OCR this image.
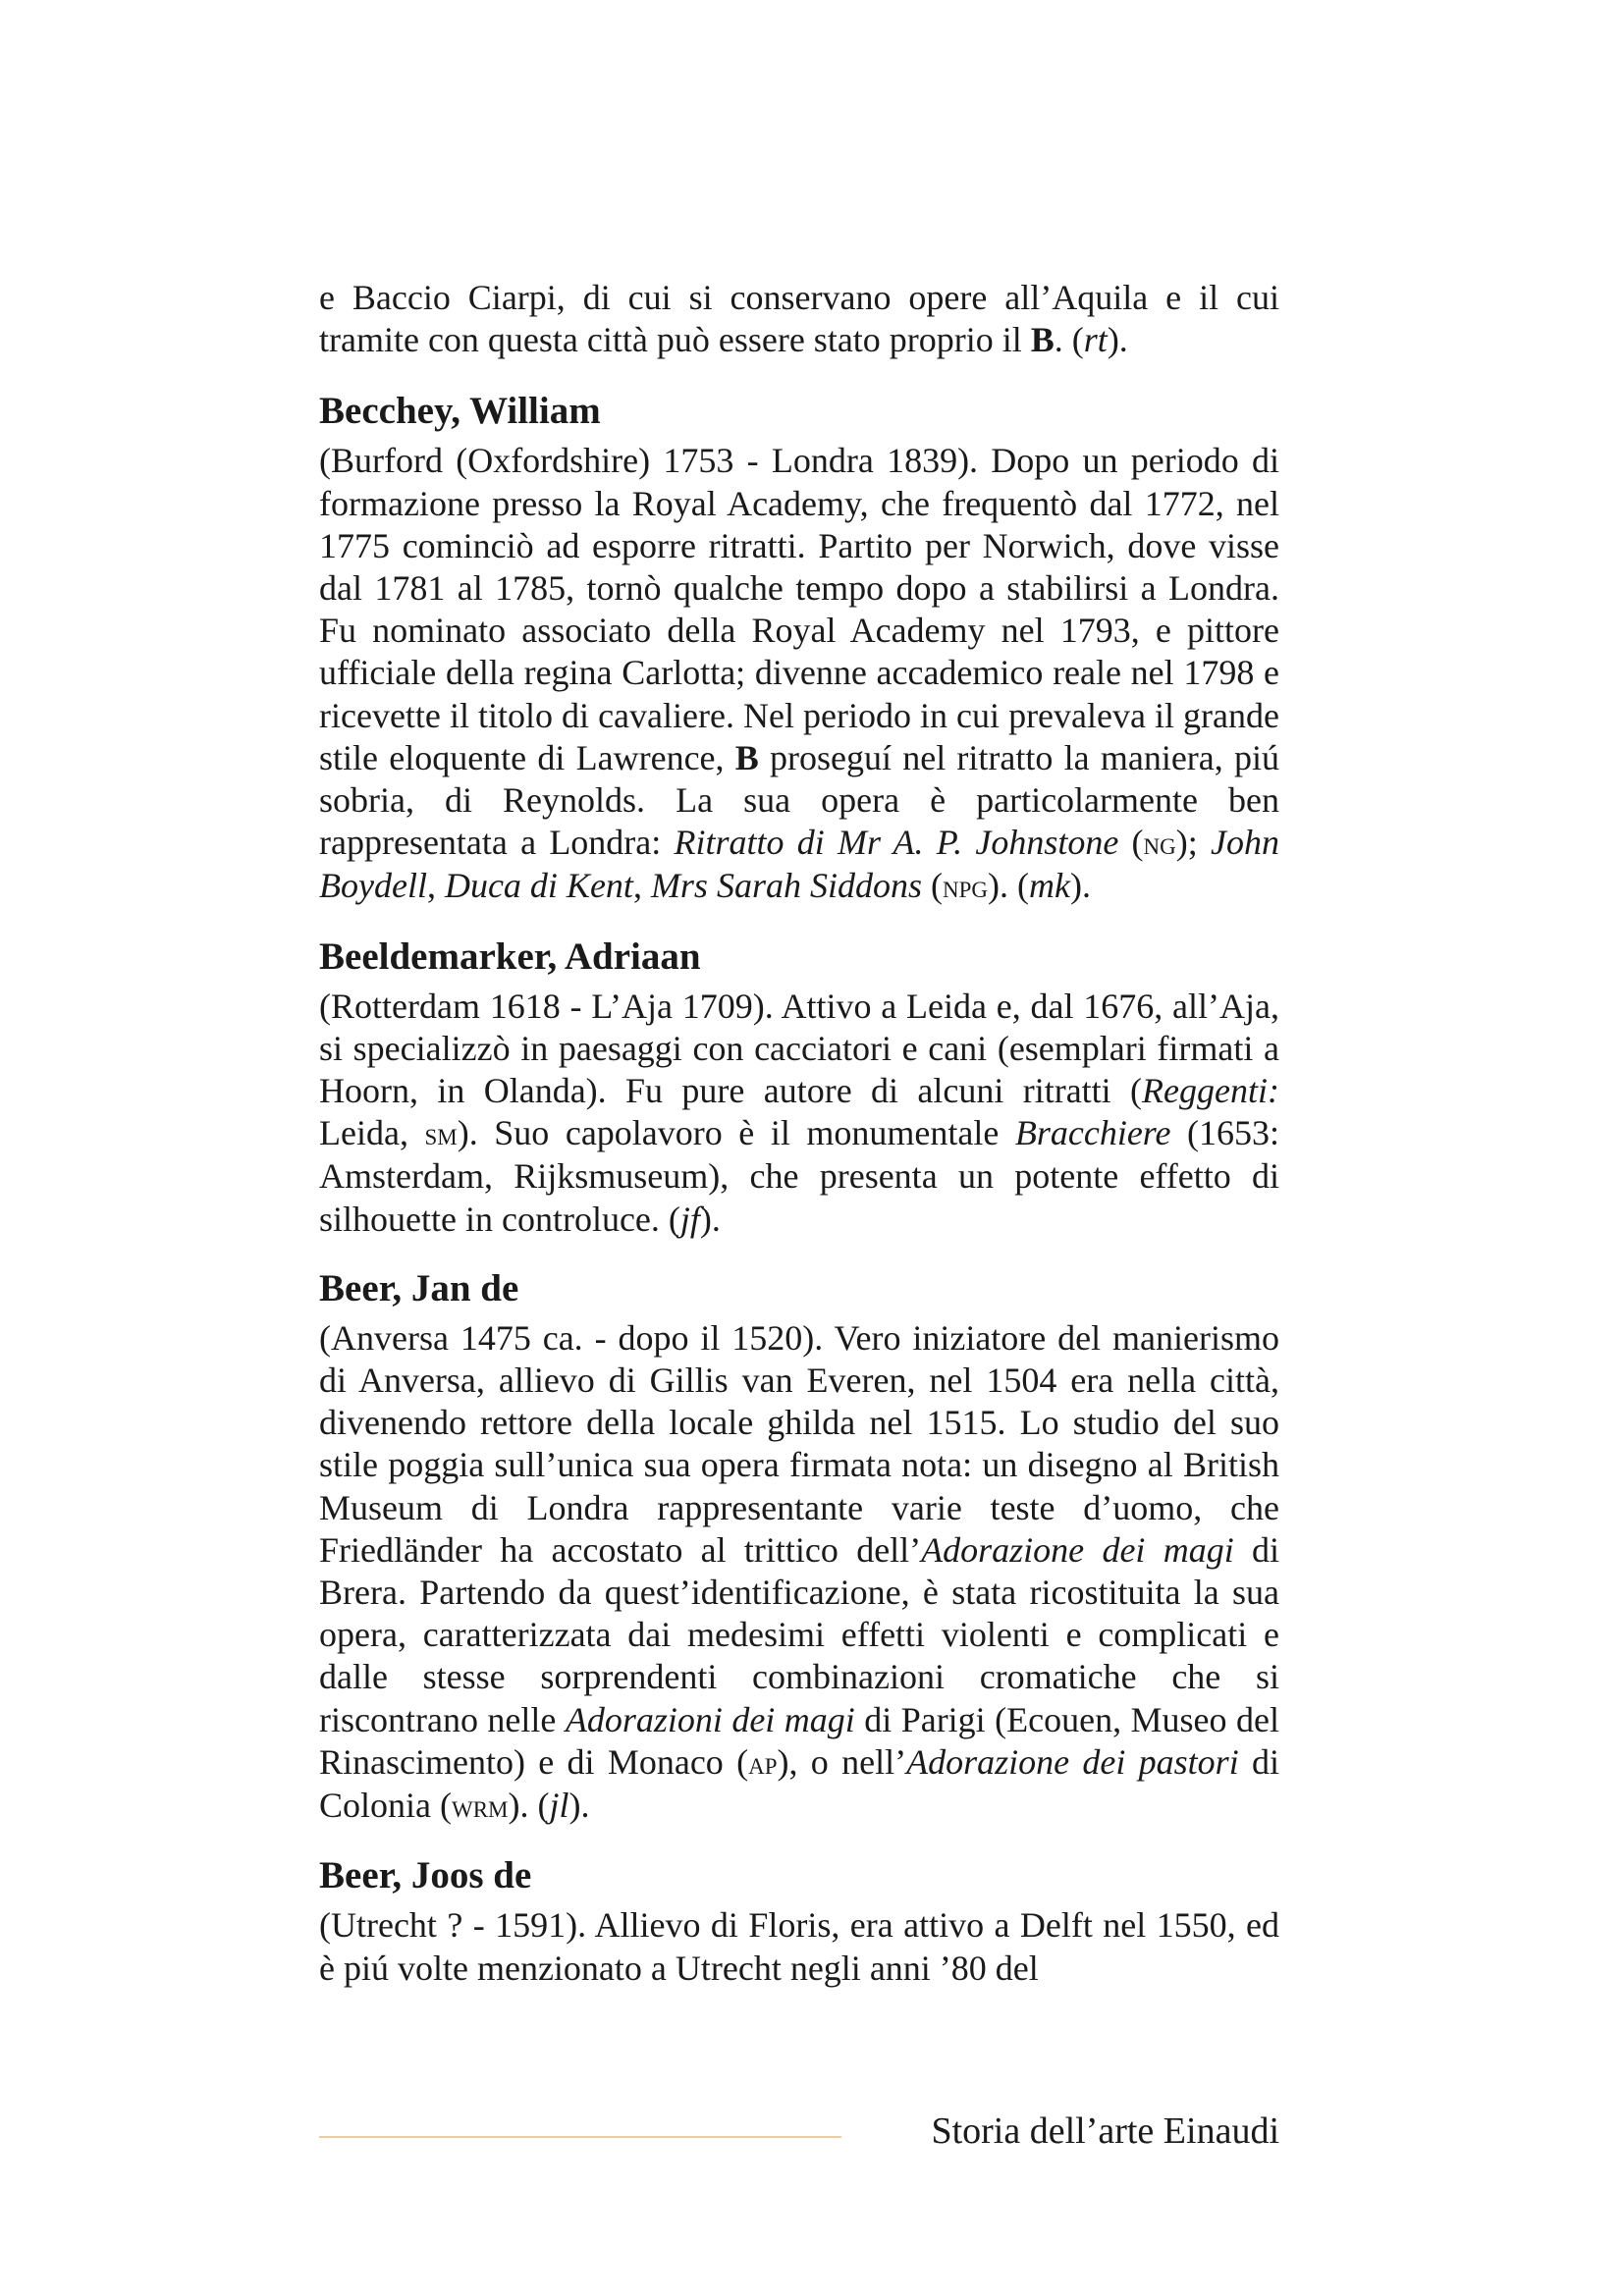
e Baccio Ciarpi, di cui si conservano opere all’Aquila e il cui tramite con questa città può essere stato proprio il B. (rt).

Becchey, William

(Burford (Oxfordshire) 1753 - Londra 1839). Dopo un periodo di formazione presso la Royal Academy, che frequentò dal 1772, nel 1775 cominciò ad esporre ritratti. Partito per Norwich, dove visse dal 1781 al 1785, tornò qualche tempo dopo a stabilirsi a Londra. Fu nominato associato della Royal Academy nel 1793, e pittore ufficiale della regina Carlotta; divenne accademico reale nel 1798 e ricevette il titolo di cavaliere. Nel periodo in cui prevaleva il grande stile eloquente di Lawrence, B proseguí nel ritratto la maniera, piú sobria, di Reynolds. La sua opera è particolarmente ben rappresentata a Londra: Ritratto di Mr A. P. Johnstone (ng); John Boydell, Duca di Kent, Mrs Sarah Siddons (npg). (mk).

Beeldemarker, Adriaan

(Rotterdam 1618 - L’Aja 1709). Attivo a Leida e, dal 1676, all’Aja, si specializzò in paesaggi con cacciatori e cani (esemplari firmati a Hoorn, in Olanda). Fu pure autore di alcuni ritratti (Reggenti: Leida, sm). Suo capolavoro è il monumentale Bracchiere (1653: Amsterdam, Rijksmuseum), che presenta un potente effetto di silhouette in controluce. (jf).

Beer, Jan de

(Anversa 1475 ca. - dopo il 1520). Vero iniziatore del manierismo di Anversa, allievo di Gillis van Everen, nel 1504 era nella città, divenendo rettore della locale ghilda nel 1515. Lo studio del suo stile poggia sull’unica sua opera firmata nota: un disegno al British Museum di Londra rappresentante varie teste d’uomo, che Friedländer ha accostato al trittico dell’Adorazione dei magi di Brera. Partendo da quest’identificazione, è stata ricostituita la sua opera, caratterizzata dai medesimi effetti violenti e complicati e dalle stesse sorprendenti combinazioni cromatiche che si riscontrano nelle Adorazioni dei magi di Parigi (Ecouen, Museo del Rinascimento) e di Monaco (ap), o nell’Adorazione dei pastori di Colonia (wrm). (jl).

Beer, Joos de

(Utrecht ? - 1591). Allievo di Floris, era attivo a Delft nel 1550, ed è piú volte menzionato a Utrecht negli anni ’80 del

Storia dell’arte Einaudi
